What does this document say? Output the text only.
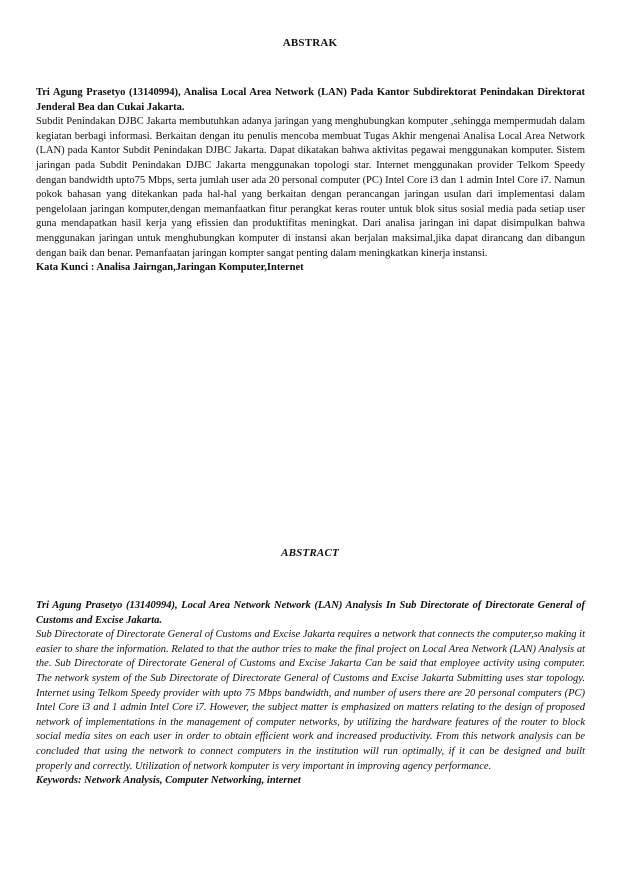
ABSTRAK

Tri Agung Prasetyo (13140994), Analisa Local Area Network (LAN) Pada Kantor Subdirektorat Penindakan Direktorat Jenderal Bea dan Cukai Jakarta.

Subdit Penindakan DJBC Jakarta membutuhkan adanya jaringan yang menghubungkan komputer ,sehingga mempermudah dalam kegiatan berbagi informasi. Berkaitan dengan itu penulis mencoba membuat Tugas Akhir mengenai Analisa Local Area Network (LAN) pada Kantor Subdit Penindakan DJBC Jakarta. Dapat dikatakan bahwa aktivitas pegawai menggunakan komputer. Sistem jaringan pada Subdit Penindakan DJBC Jakarta menggunakan topologi star. Internet menggunakan provider Telkom Speedy dengan bandwidth upto75 Mbps, serta jumlah user ada 20 personal computer (PC) Intel Core i3 dan 1 admin Intel Core i7. Namun pokok bahasan yang ditekankan pada hal-hal yang berkaitan dengan perancangan jaringan usulan dari implementasi dalam pengelolaan jaringan komputer,dengan memanfaatkan fitur perangkat keras router untuk blok situs sosial media pada setiap user guna mendapatkan hasil kerja yang efissien dan produktifitas meningkat. Dari analisa jaringan ini dapat disimpulkan bahwa menggunakan jaringan untuk menghubungkan komputer di instansi akan berjalan maksimal,jika dapat dirancang dan dibangun dengan baik dan benar. Pemanfaatan jaringan kompter sangat penting dalam meningkatkan kinerja instansi.

Kata Kunci : Analisa Jairngan,Jaringan Komputer,Internet

ABSTRACT

Tri Agung Prasetyo (13140994), Local Area Network Network (LAN) Analysis In Sub Directorate of Directorate General of Customs and Excise Jakarta.

Sub Directorate of Directorate General of Customs and Excise Jakarta requires a network that connects the computer,so making it easier to share the information. Related to that the author tries to make the final project on Local Area Network (LAN) Analysis at the. Sub Directorate of Directorate General of Customs and Excise Jakarta Can be said that employee activity using computer. The network system of the Sub Directorate of Directorate General of Customs and Excise Jakarta Submitting uses star topology. Internet using Telkom Speedy provider with upto 75 Mbps bandwidth, and number of users there are 20 personal computers (PC) Intel Core i3 and 1 admin Intel Core i7. However, the subject matter is emphasized on matters relating to the design of proposed network of implementations in the management of computer networks, by utilizing the hardware features of the router to block social media sites on each user in order to obtain efficient work and increased productivity. From this network analysis can be concluded that using the network to connect computers in the institution will run optimally, if it can be designed and built properly and correctly. Utilization of network komputer is very important in improving agency performance.

Keywords: Network Analysis, Computer Networking, internet
